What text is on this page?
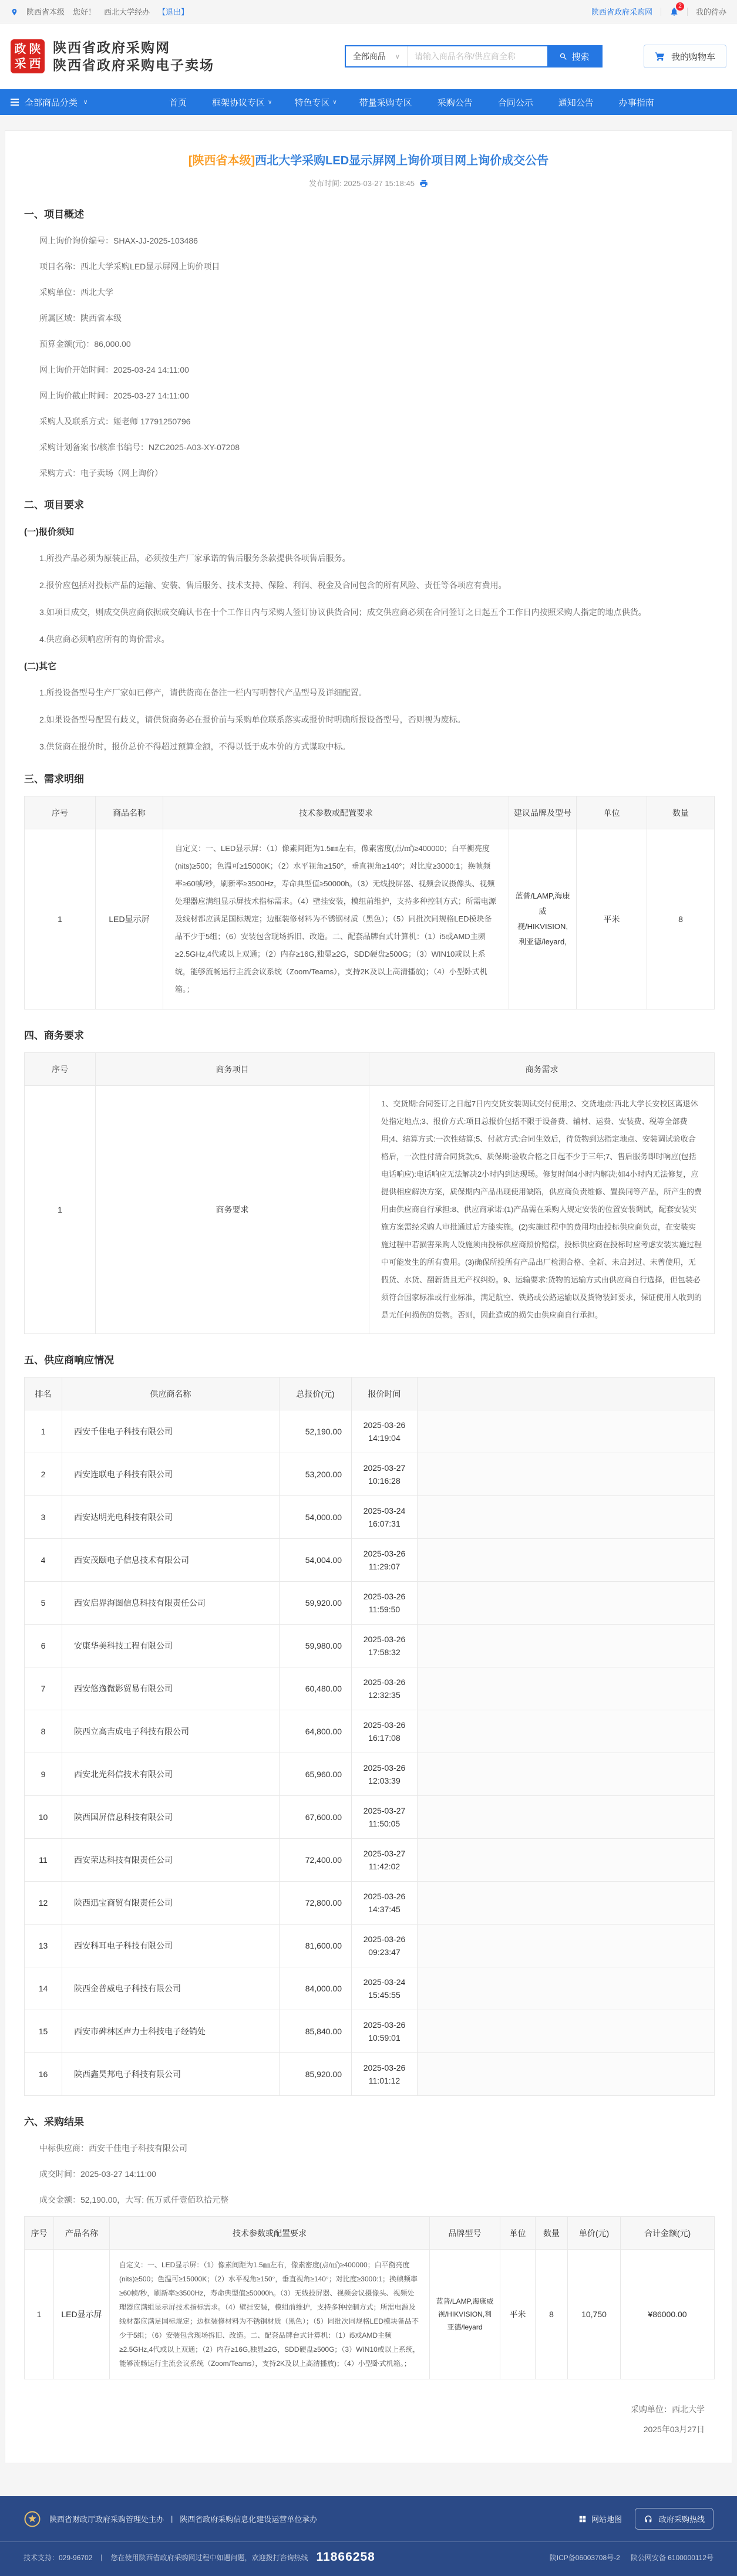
陕西省本级 您好！ 西北大学经办 【退出】	陕西省政府采购网
2
我的待办
政 陕
采 西
陕西省政府采购网
陕西省政府采购电子卖场
全部商品 ∨
请输入商品名称/供应商全称	搜索	我的购物车
全部商品分类 ∨	首页	框架协议专区 ∨	特色专区 ∨	带量采购专区	采购公告	合同公示	通知公告	办事指南
[陕西省本级]西北大学采购LED显示屏网上询价项目网上询价成交公告
发布时间: 2025-03-27 15:18:45
一、项目概述
网上询价询价编号：SHAX-JJ-2025-103486
项目名称：西北大学采购LED显示屏网上询价项目
采购单位：西北大学
所属区域：陕西省本级
预算金额(元)：86,000.00
网上询价开始时间：2025-03-24 14:11:00
网上询价截止时间：2025-03-27 14:11:00
采购人及联系方式：姬老师 17791250796
采购计划备案书/核准书编号：NZC2025-A03-XY-07208
采购方式：电子卖场（网上询价）
二、项目要求
(一)报价须知

1.所投产品必须为原装正品，必须按生产厂家承诺的售后服务条款提供各项售后服务。

2.报价应包括对投标产品的运输、安装、售后服务、技术支持、保险、利润、税金及合同包含的所有风险、责任等各项应有费用。

3.如项目成交，则成交供应商依据成交确认书在十个工作日内与采购人签订协议供货合同；成交供应商必须在合同签订之日起五个工作日内按照采购人指定的地点供货。

4.供应商必须响应所有的询价需求。

(二)其它

1.所投设备型号生产厂家如已停产，请供货商在备注一栏内写明替代产品型号及详细配置。

2.如果设备型号配置有歧义，请供货商务必在报价前与采购单位联系落实或报价时明确所报设备型号，否则视为废标。

3.供货商在报价时，报价总价不得超过预算金额，不得以低于成本价的方式谋取中标。

三、需求明细
序号	商品名称	技术参数或配置要求	建议品牌及型号	单位	数量
1	LED显示屏	自定义：一、LED显示屏：（1）像素间距为1.5㎜左右，像素密度(点/㎡)≥400000；白平衡亮度(nits)≥500；色温可≥15000K；（2）水平视角≥150°，垂直视角≥140°；对比度≥3000:1；换帧频率≥60帧/秒，刷新率≥3500Hz，寿命典型值≥50000h。（3）无线投屏器、视频会议摄像头、视频处理器应满组显示屏技术指标需求。（4）壁挂安装，模组前维护，支持多种控制方式；所需电源及线材都应满足国标规定；边框装修材料为不锈钢材质（黑色）；（5）同批次同规格LED模块备品不少于5组；（6）安装包含现场拆旧、改造。二、配套品牌台式计算机：（1）i5或AMD主频≥2.5GHz,4代或以上双通；（2）内存≥16G,独显≥2G，SDD硬盘≥500G；（3）WIN10或以上系统，能够流畅运行主流会议系统（Zoom/Teams），支持2K及以上高清播放)；（4）小型卧式机箱。；	蓝普/LAMP,海康威视/HIKVISION,利亚德/leyard,	平米	8
四、商务要求
序号	商务项目	商务需求
1	商务要求	1、交货期:合同签订之日起7日内交货安装调试交付使用;2、交货地点:西北大学长安校区离退休处指定地点;3、报价方式:项目总报价包括不限于设备费、辅材、运费、安装费、税等全部费用;4、结算方式:一次性结算;5、付款方式:合同生效后，待货物到达指定地点、安装调试验收合格后，一次性付清合同货款;6、质保期:验收合格之日起不少于三年;7、售后服务即时响应(包括电话响应):电话响应无法解决2小时内到达现场。修复时间4小时内解决;如4小时内无法修复，应提供相应解决方案，质保期内产品出现使用缺陷，供应商负责维修、置换同等产品，所产生的费用由供应商自行承担:8、供应商承诺:(1)产品需在采购人规定安装的位置安装调试，配套安装实施方案需经采购人审批通过后方能实施。(2)实施过程中的费用均由投标供应商负责，在安装实施过程中若损害采购人设施须由投标供应商照价赔偿，投标供应商在投标时应考虑安装实施过程中可能发生的所有费用。(3)确保所投所有产品出厂检测合格、全新、未启封过、未曾使用，无假货、水货、翻新货且无产权纠纷。9、运输要求:货物的运输方式由供应商自行选择，但包装必须符合国家标准或行业标准，满足航空、铁路或公路运输以及货物装卸要求，保证使用人收到的是无任何损伤的货物。否则，因此造成的损失由供应商自行承担。
五、供应商响应情况
排名	供应商名称	总报价(元)	报价时间	
1	西安千佳电子科技有限公司	52,190.00	
2025-03-26
14:19:04

2	西安连联电子科技有限公司	53,200.00	
2025-03-27
10:16:28

3	西安达明光电科技有限公司	54,000.00	
2025-03-24
16:07:31

4	西安茂颐电子信息技术有限公司	54,004.00	
2025-03-26
11:29:07

5	西安启界海图信息科技有限责任公司	59,920.00	
2025-03-26
11:59:50

6	安康华美科技工程有限公司	59,980.00	
2025-03-26
17:58:32

7	西安悠逸微影贸易有限公司	60,480.00	
2025-03-26
12:32:35

8	陕西立高吉成电子科技有限公司	64,800.00	
2025-03-26
16:17:08

9	西安北光科信技术有限公司	65,960.00	
2025-03-26
12:03:39

10	陕西国屏信息科技有限公司	67,600.00	
2025-03-27
11:50:05

11	西安荣达科技有限责任公司	72,400.00	
2025-03-27
11:42:02

12	陕西迅宝商贸有限责任公司	72,800.00	
2025-03-26
14:37:45

13	西安科耳电子科技有限公司	81,600.00	
2025-03-26
09:23:47

14	陕西金普威电子科技有限公司	84,000.00	
2025-03-24
15:45:55

15	西安市碑林区声力士科技电子经销处	85,840.00	
2025-03-26
10:59:01

16	陕西鑫昊邦电子科技有限公司	85,920.00	
2025-03-26
11:01:12

六、采购结果
中标供应商：西安千佳电子科技有限公司
成交时间：2025-03-27 14:11:00
成交金额：52,190.00，大写: 伍万贰仟壹佰玖拾元整
序号	产品名称	技术参数或配置要求	品牌型号	单位	数量	单价(元)	合计金额(元)
1	LED显示屏	自定义：一、LED显示屏：（1）像素间距为1.5㎜左右，像素密度(点/㎡)≥400000；白平衡亮度(nits)≥500；色温可≥15000K；（2）水平视角≥150°，垂直视角≥140°；对比度≥3000:1；换帧频率≥60帧/秒，刷新率≥3500Hz，寿命典型值≥50000h。（3）无线投屏器、视频会议摄像头、视频处理器应满组显示屏技术指标需求。（4）壁挂安装，模组前维护，支持多种控制方式；所需电源及线材都应满足国标规定；边框装修材料为不锈钢材质（黑色）；（5）同批次同规格LED模块备品不少于5组；（6）安装包含现场拆旧、改造。二、配套品牌台式计算机：（1）i5或AMD主频≥2.5GHz,4代或以上双通；（2）内存≥16G,独显≥2G，SDD硬盘≥500G；（3）WIN10或以上系统，能够流畅运行主流会议系统（Zoom/Teams），支持2K及以上高清播放)；（4）小型卧式机箱。；	蓝普/LAMP,海康威视/HIKVISION,利亚德/leyard	平米	8	10,750	¥86000.00
采购单位：西北大学
2025年03月27日
陕西省财政厅政府采购管理处主办 | 陕西省政府采购信息化建设运营单位承办	网站地图	政府采购热线
技术支持：029-96702 | 您在使用陕西省政府采购网过程中如遇问题，欢迎拨打咨询热线 11866258	陕ICP备06003708号-2 陕公网安备 6100000112号
